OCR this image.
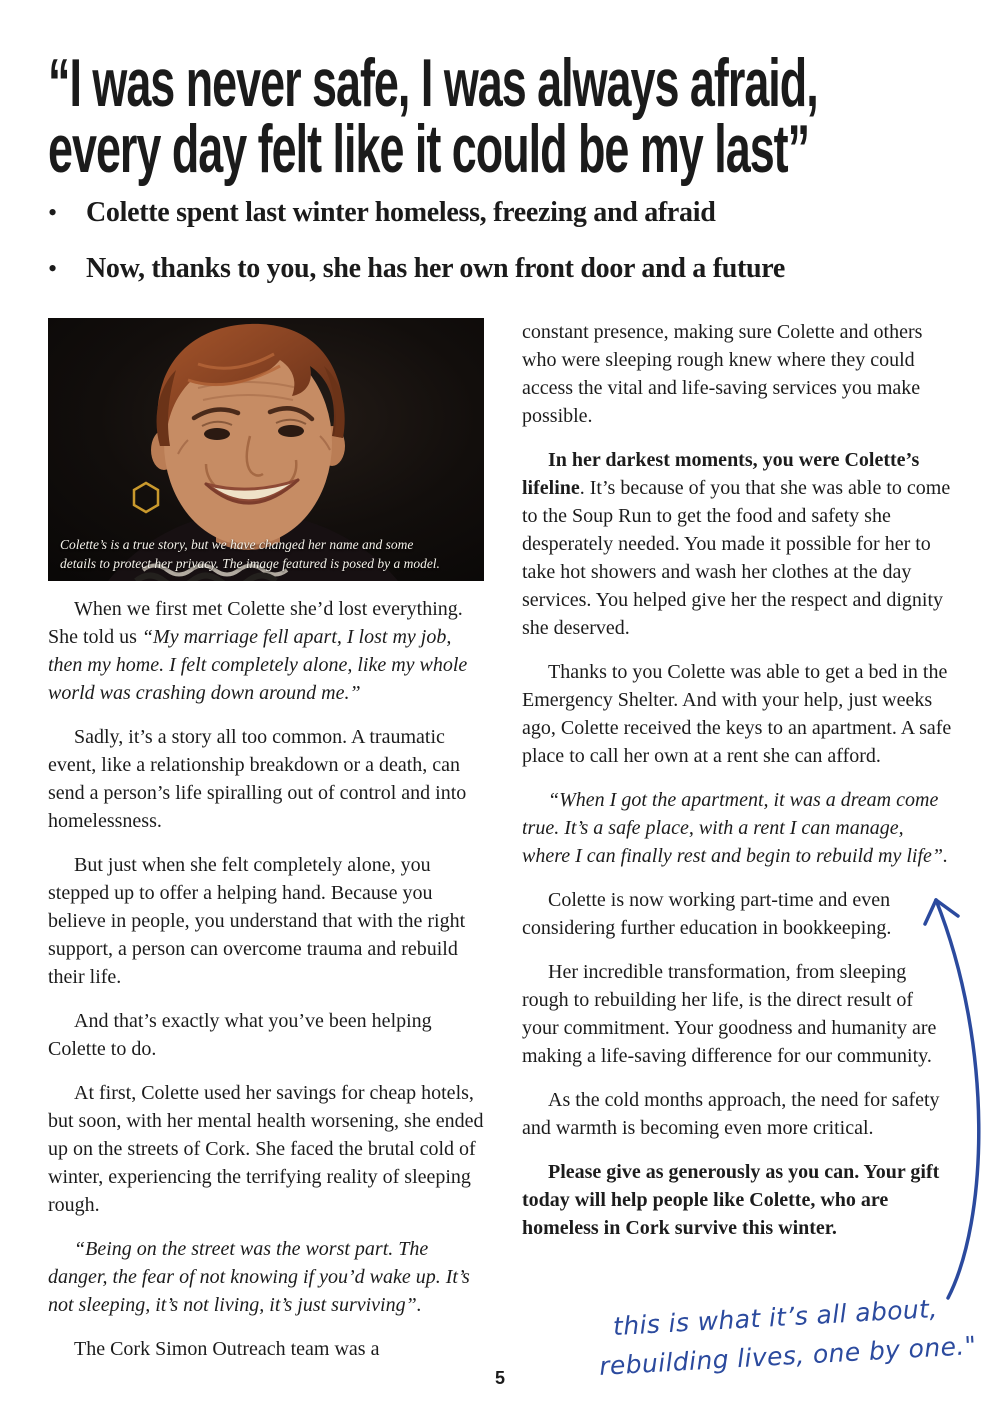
“I was never safe, I was always afraid,
every day felt like it could be my last”
•	Colette spent last winter homeless, freezing and afraid
•	Now, thanks to you, she has her own front door and a future
Colette’s is a true story, but we have changed her name and some
details to protect her privacy. The image featured is posed by a model.

When we first met Colette she’d lost everything. She told us “My marriage fell apart, I lost my job, then my home. I felt completely alone, like my whole world was crashing down around me.”

Sadly, it’s a story all too common. A traumatic event, like a relationship breakdown or a death, can send a person’s life spiralling out of control and into homelessness.

But just when she felt completely alone, you stepped up to offer a helping hand. Because you believe in people, you understand that with the right support, a person can overcome trauma and rebuild their life.

And that’s exactly what you’ve been helping Colette to do.

At first, Colette used her savings for cheap hotels, but soon, with her mental health worsening, she ended up on the streets of Cork. She faced the brutal cold of winter, experiencing the terrifying reality of sleeping rough.

“Being on the street was the worst part. The danger, the fear of not knowing if you’d wake up. It’s not sleeping, it’s not living, it’s just surviving”.

The Cork Simon Outreach team was a

constant presence, making sure Colette and others who were sleeping rough knew where they could access the vital and life-saving services you make possible.

In her darkest moments, you were Colette’s lifeline. It’s because of you that she was able to come to the Soup Run to get the food and safety she desperately needed. You made it possible for her to take hot showers and wash her clothes at the day services. You helped give her the respect and dignity she deserved.

Thanks to you Colette was able to get a bed in the Emergency Shelter. And with your help, just weeks ago, Colette received the keys to an apartment. A safe place to call her own at a rent she can afford.

“When I got the apartment, it was a dream come true. It’s a safe place, with a rent I can manage, where I can finally rest and begin to rebuild my life”.

Colette is now working part-time and even considering further education in bookkeeping.

Her incredible transformation, from sleeping rough to rebuilding her life, is the direct result of your commitment. Your goodness and humanity are making a life-saving difference for our community.

As the cold months approach, the need for safety and warmth is becoming even more critical.

Please give as generously as you can. Your gift today will help people like Colette, who are homeless in Cork survive this winter.

this is what it’s all about,
rebuilding lives, one by one."
5
